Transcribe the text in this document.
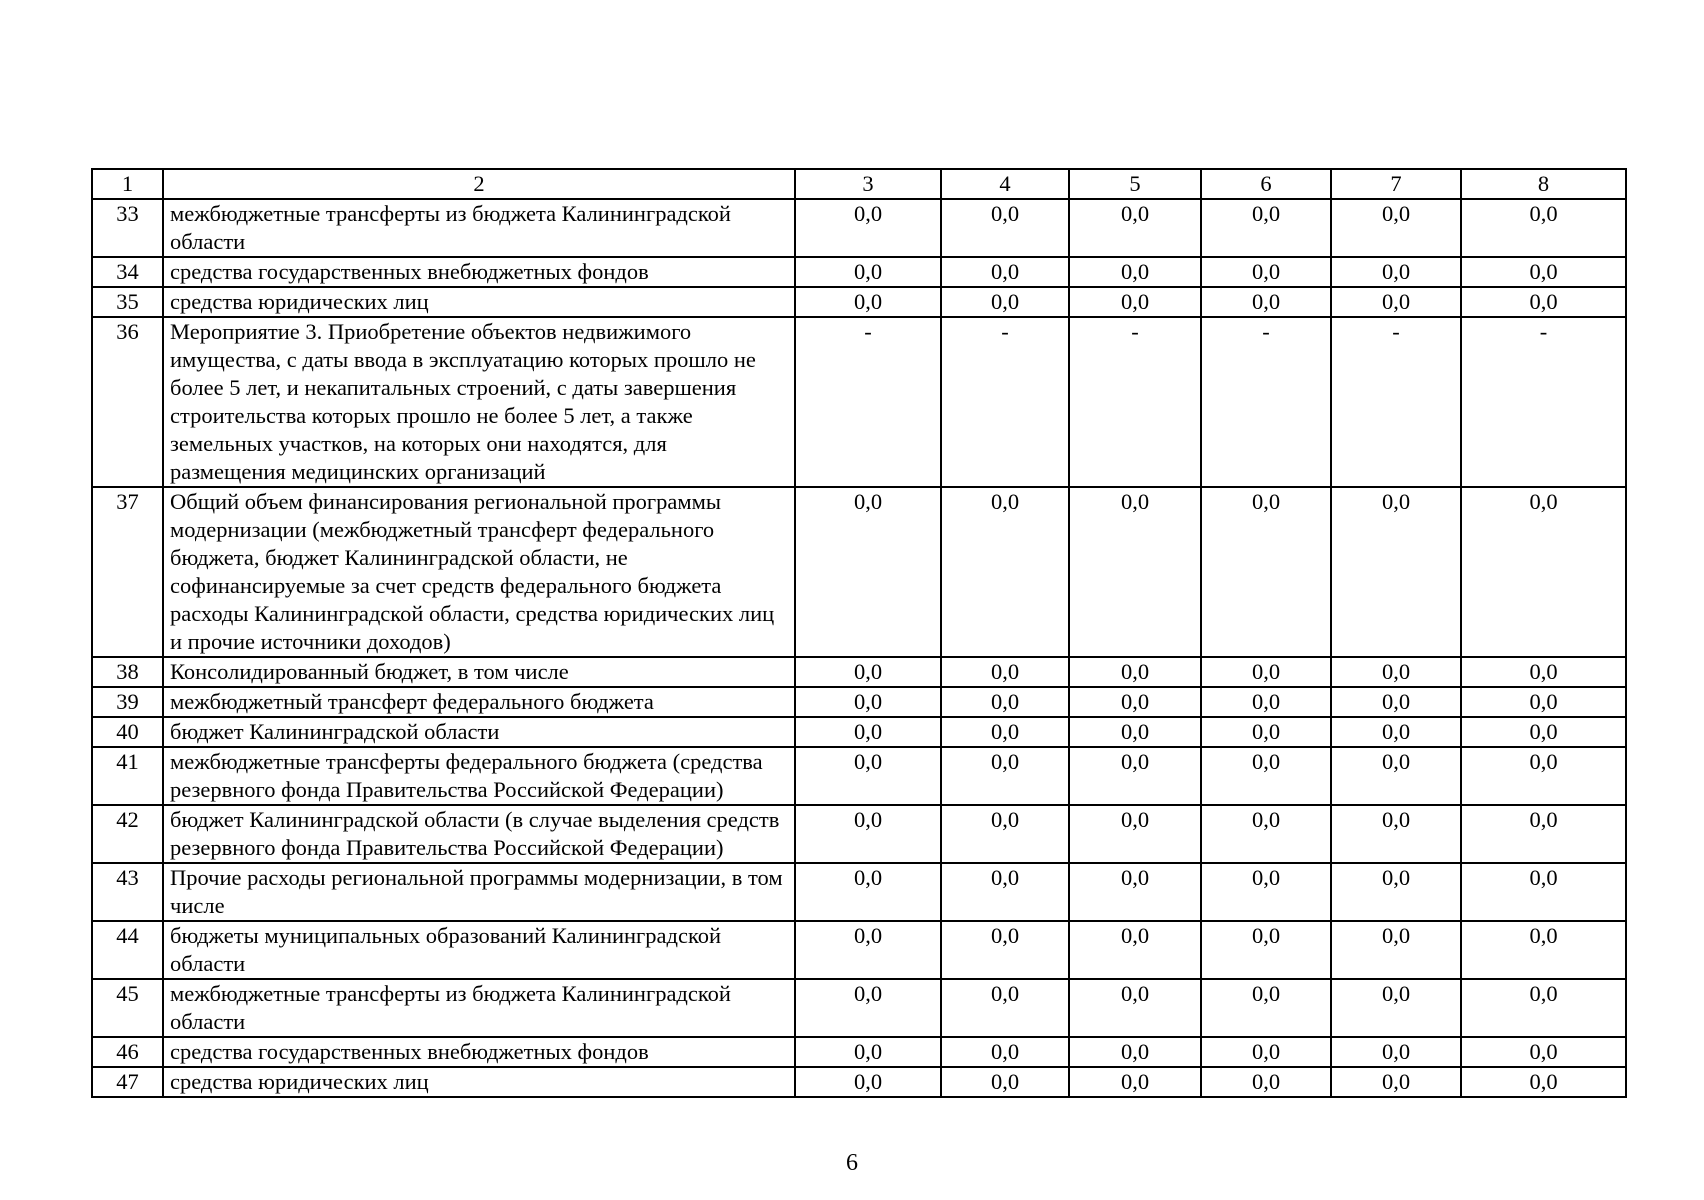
1	2	3	4	5	6	7	8
33	межбюджетные трансферты из бюджета Калининградской области	0,0	0,0	0,0	0,0	0,0	0,0
34	средства государственных внебюджетных фондов	0,0	0,0	0,0	0,0	0,0	0,0
35	средства юридических лиц	0,0	0,0	0,0	0,0	0,0	0,0
36	Мероприятие 3. Приобретение объектов недвижимого имущества, с даты ввода в эксплуатацию которых прошло не более 5 лет, и некапитальных строений, с даты завершения строительства которых прошло не более 5 лет, а также земельных участков, на которых они находятся, для размещения медицинских организаций	-	-	-	-	-	-
37	Общий объем финансирования региональной программы модернизации (межбюджетный трансферт федерального бюджета, бюджет Калининградской области, не софинансируемые за счет средств федерального бюджета расходы Калининградской области, средства юридических лиц и прочие источники доходов)	0,0	0,0	0,0	0,0	0,0	0,0
38	Консолидированный бюджет, в том числе	0,0	0,0	0,0	0,0	0,0	0,0
39	межбюджетный трансферт федерального бюджета	0,0	0,0	0,0	0,0	0,0	0,0
40	бюджет Калининградской области	0,0	0,0	0,0	0,0	0,0	0,0
41	межбюджетные трансферты федерального бюджета (средства резервного фонда Правительства Российской Федерации)	0,0	0,0	0,0	0,0	0,0	0,0
42	бюджет Калининградской области (в случае выделения средств резервного фонда Правительства Российской Федерации)	0,0	0,0	0,0	0,0	0,0	0,0
43	Прочие расходы региональной программы модернизации, в том числе	0,0	0,0	0,0	0,0	0,0	0,0
44	бюджеты муниципальных образований Калининградской области	0,0	0,0	0,0	0,0	0,0	0,0
45	межбюджетные трансферты из бюджета Калининградской области	0,0	0,0	0,0	0,0	0,0	0,0
46	средства государственных внебюджетных фондов	0,0	0,0	0,0	0,0	0,0	0,0
47	средства юридических лиц	0,0	0,0	0,0	0,0	0,0	0,0
6
